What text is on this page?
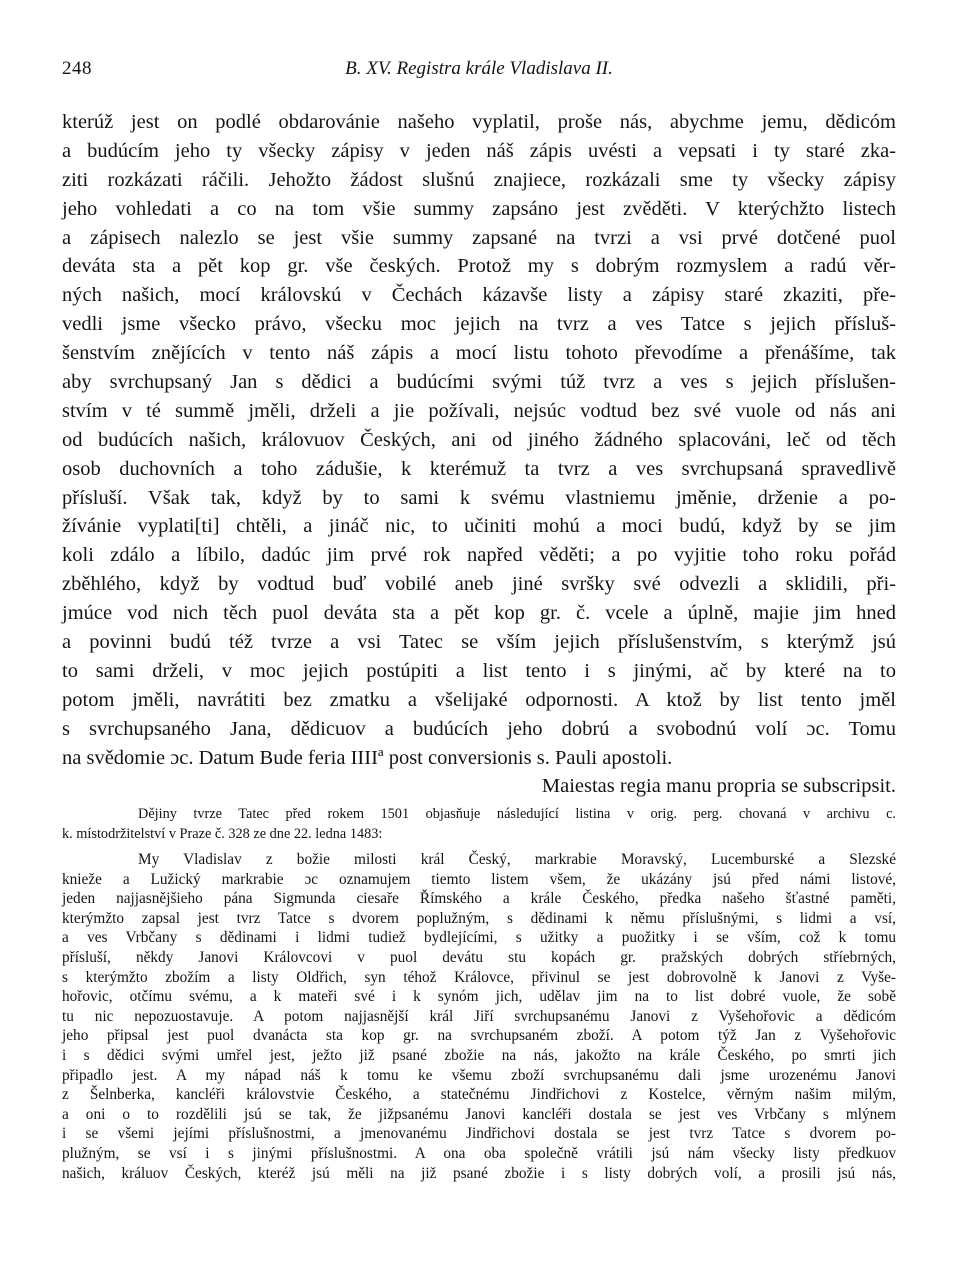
248	B. XV. Registra krále Vladislava II.
kterúž jest on podlé obdarovánie našeho vyplatil, proše nás, abychme jemu, dědicóm
a budúcím jeho ty všecky zápisy v jeden náš zápis uvésti a vepsati i ty staré zka-
ziti rozkázati ráčili. Jehožto žádost slušnú znajiece, rozkázali sme ty všecky zápisy
jeho vohledati a co na tom všie summy zapsáno jest zvěděti. V kterýchžto listech
a zápisech nalezlo se jest všie summy zapsané na tvrzi a vsi prvé dotčené puol
deváta sta a pět kop gr. vše českých. Protož my s dobrým rozmyslem a radú věr-
ných našich, mocí královskú v Čechách kázavše listy a zápisy staré zkaziti, pře-
vedli jsme všecko právo, všecku moc jejich na tvrz a ves Tatce s jejich přísluš-
šenstvím znějících v tento náš zápis a mocí listu tohoto převodíme a přenášíme, tak
aby svrchupsaný Jan s dědici a budúcími svými túž tvrz a ves s jejich příslušen-
stvím v té summě jměli, drželi a jie požívali, nejsúc vodtud bez své vuole od nás ani
od budúcích našich, královuov Českých, ani od jiného žádného splacováni, leč od těch
osob duchovních a toho zádušie, k kterémuž ta tvrz a ves svrchupsaná spravedlivě
přísluší. Však tak, když by to sami k svému vlastniemu jměnie, drženie a po-
žívánie vyplati[ti] chtěli, a jináč nic, to učiniti mohú a moci budú, když by se jim
koli zdálo a líbilo, dadúc jim prvé rok napřed věděti; a po vyjitie toho roku pořád
zběhlého, když by vodtud buď vobilé aneb jiné svršky své odvezli a sklidili, při-
jmúce vod nich těch puol deváta sta a pět kop gr. č. vcele a úplně, majie jim hned
a povinni budú též tvrze a vsi Tatec se vším jejich příslušenstvím, s kterýmž jsú
to sami drželi, v moc jejich postúpiti a list tento i s jinými, ač by které na to
potom jměli, navrátiti bez zmatku a všelijaké odpornosti. A ktož by list tento jměl
s svrchupsaného Jana, dědicuov a budúcích jeho dobrú a svobodnú volí ɔc. Tomu
na svědomie ɔc. Datum Bude feria IIIIª post conversionis s. Pauli apostoli.
Maiestas regia manu propria se subscripsit.
Dějiny tvrze Tatec před rokem 1501 objasňuje následující listina v orig. perg. chovaná v archivu c.
k. místodržitelství v Praze č. 328 ze dne 22. ledna 1483:
My Vladislav z božie milosti král Český, markrabie Moravský, Lucemburské a Slezské
knieže a Lužický markrabie ɔc oznamujem tiemto listem všem, že ukázány jsú před námi listové,
jeden najjasnějšieho pána Sigmunda ciesaře Římského a krále Českého, předka našeho šťastné paměti,
kterýmžto zapsal jest tvrz Tatce s dvorem poplužným, s dědinami k němu příslušnými, s lidmi a vsí,
a ves Vrbčany s dědinami i lidmi tudiež bydlejícími, s užitky a puožitky i se vším, což k tomu
přísluší, někdy Janovi Královcovi v puol devátu stu kopách gr. pražských dobrých stříebrných,
s kterýmžto zbožím a listy Oldřich, syn téhož Královce, přivinul se jest dobrovolně k Janovi z Vyše-
hořovic, otčímu svému, a k mateři své i k synóm jich, udělav jim na to list dobré vuole, že sobě
tu nic nepozuostavuje. A potom najjasnější král Jiří svrchupsanému Janovi z Vyšehořovic a dědicóm
jeho připsal jest puol dvanácta sta kop gr. na svrchupsaném zboží. A potom týž Jan z Vyšehořovic
i s dědici svými umřel jest, ježto již psané zbožie na nás, jakožto na krále Českého, po smrti jich
připadlo jest. A my nápad náš k tomu ke všemu zboží svrchupsanému dali jsme urozenému Janovi
z Šelnberka, kancléři královstvie Českého, a statečnému Jindřichovi z Kostelce, věrným našim milým,
a oni o to rozdělili jsú se tak, že jižpsanému Janovi kancléři dostala se jest ves Vrbčany s mlýnem
i se všemi jejími příslušnostmi, a jmenovanému Jindřichovi dostala se jest tvrz Tatce s dvorem po-
plužným, se vsí i s jinými příslušnostmi. A ona oba společně vrátili jsú nám všecky listy předkuov
našich, králuov Českých, kteréž jsú měli na již psané zbožie i s listy dobrých volí, a prosili jsú nás,
